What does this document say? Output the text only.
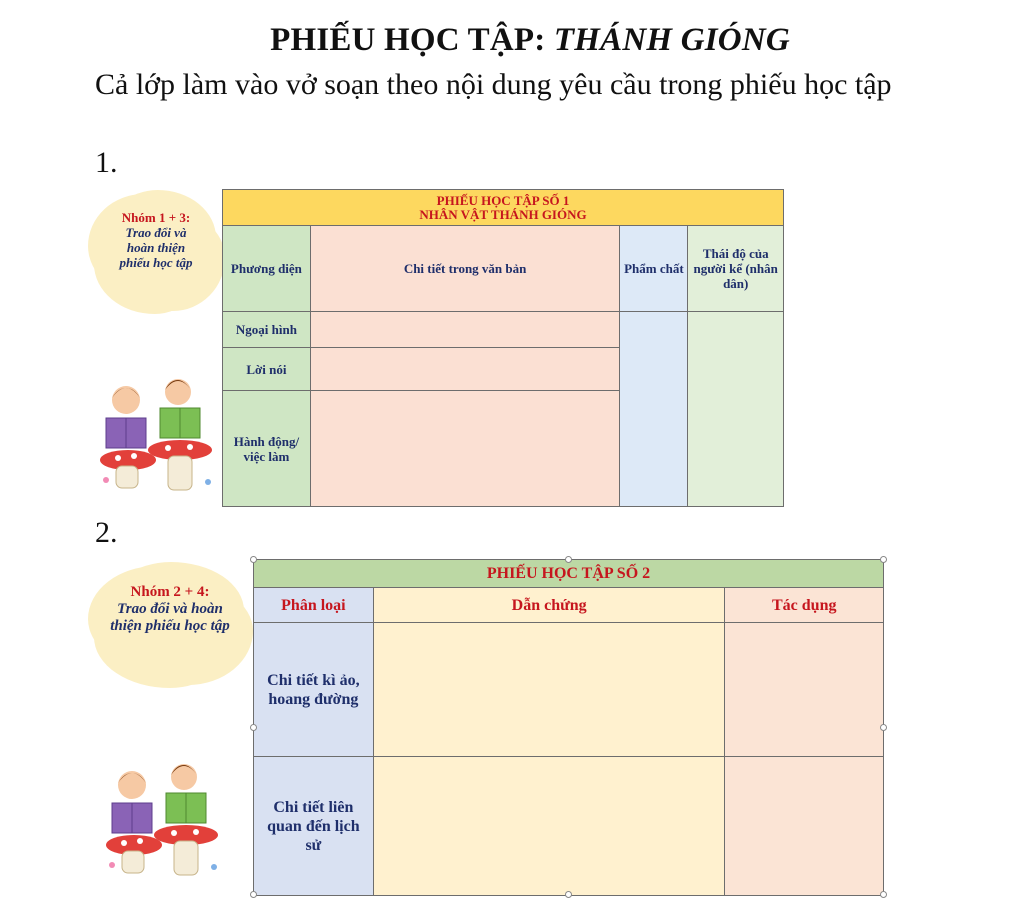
PHIẾU HỌC TẬP: THÁNH GIÓNG
Cả lớp làm vào vở soạn theo nội dung yêu cầu trong phiếu học tập
1.
Nhóm 1 + 3:
Trao đổi và hoàn thiện phiếu học tập
PHIẾU HỌC TẬP SỐ 1
NHÂN VẬT THÁNH GIÓNG			
Phương diện	Chi tiết trong văn bản	Phẩm chất	Thái độ của người kể (nhân dân)
Ngoại hình			
Lời nói			
Hành động/ việc làm			
2.
Nhóm 2 + 4:
Trao đổi và hoàn thiện phiếu học tập
PHIẾU HỌC TẬP SỐ 2		
Phân loại	Dẫn chứng	Tác dụng
Chi tiết kì ảo, hoang đường		
Chi tiết liên quan đến lịch sử		
